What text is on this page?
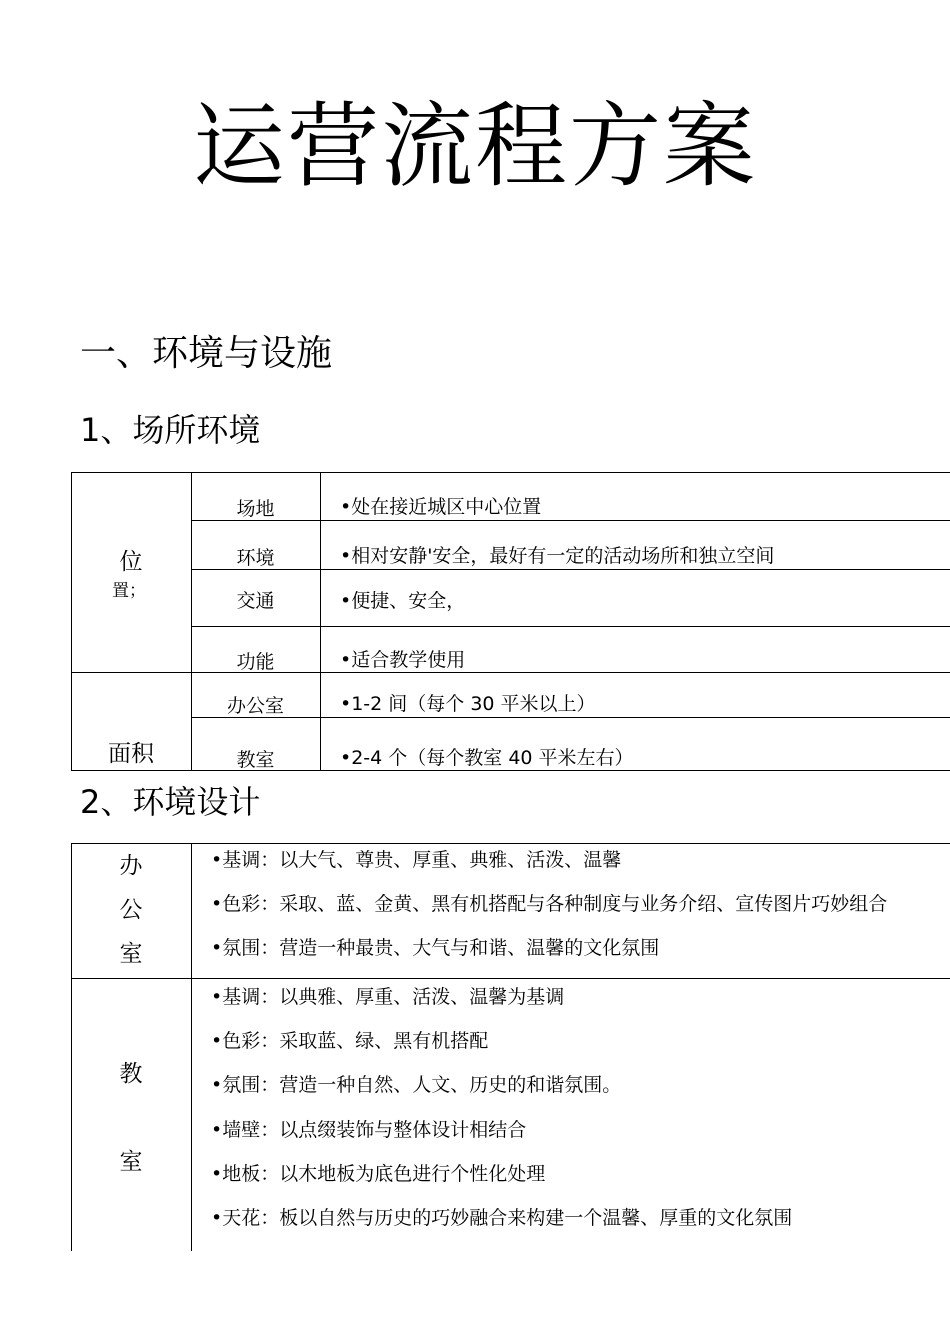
运营流程方案
一、环境与设施
1、场所环境
位
置；
面积
场地
环境
交通
功能
办公室
教室
•处在接近城区中心位置
•相对安静'安全，最好有一定的活动场所和独立空间
•便捷、安全，
•适合教学使用
•1-2 间（每个 30 平米以上）
•2-4 个（每个教室 40 平米左右）
2、环境设计
办
公
室
•基调：以大气、尊贵、厚重、典雅、活泼、温馨
•色彩：采取、蓝、金黄、黑有机搭配与各种制度与业务介绍、宣传图片巧妙组合
•氛围：营造一种最贵、大气与和谐、温馨的文化氛围
教
室
•基调：以典雅、厚重、活泼、温馨为基调
•色彩：采取蓝、绿、黑有机搭配
•氛围：营造一种自然、人文、历史的和谐氛围。
•墙壁：以点缀装饰与整体设计相结合
•地板：以木地板为底色进行个性化处理
•天花：板以自然与历史的巧妙融合来构建一个温馨、厚重的文化氛围
